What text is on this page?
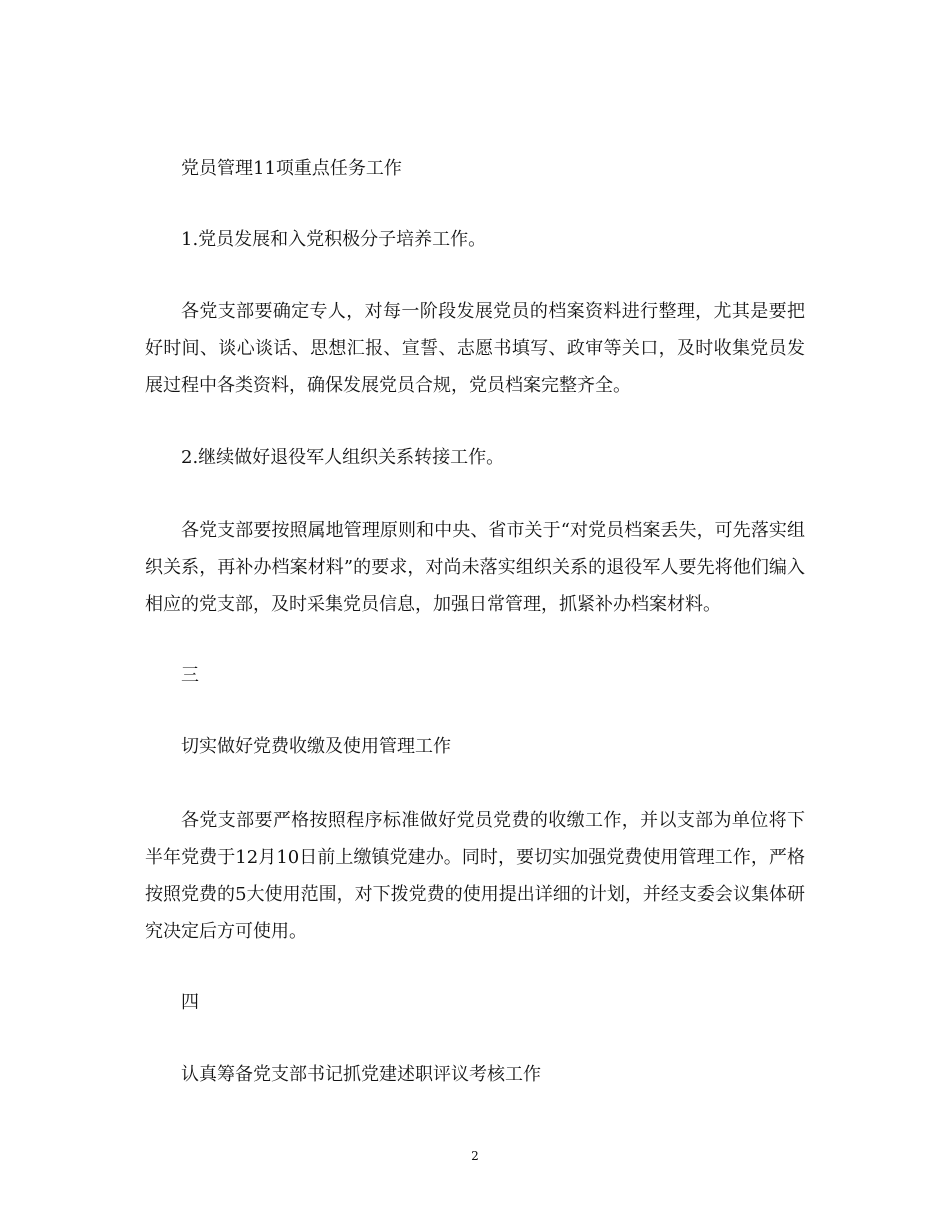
党员管理11项重点任务工作

1.党员发展和入党积极分子培养工作。

各党支部要确定专人，对每一阶段发展党员的档案资料进行整理，尤其是要把好时间、谈心谈话、思想汇报、宣誓、志愿书填写、政审等关口，及时收集党员发展过程中各类资料，确保发展党员合规，党员档案完整齐全。

2.继续做好退役军人组织关系转接工作。

各党支部要按照属地管理原则和中央、省市关于“对党员档案丢失，可先落实组织关系，再补办档案材料”的要求，对尚未落实组织关系的退役军人要先将他们编入相应的党支部，及时采集党员信息，加强日常管理，抓紧补办档案材料。

三

切实做好党费收缴及使用管理工作

各党支部要严格按照程序标准做好党员党费的收缴工作，并以支部为单位将下半年党费于12月10日前上缴镇党建办。同时，要切实加强党费使用管理工作，严格按照党费的5大使用范围，对下拨党费的使用提出详细的计划，并经支委会议集体研究决定后方可使用。

四

认真筹备党支部书记抓党建述职评议考核工作

2
